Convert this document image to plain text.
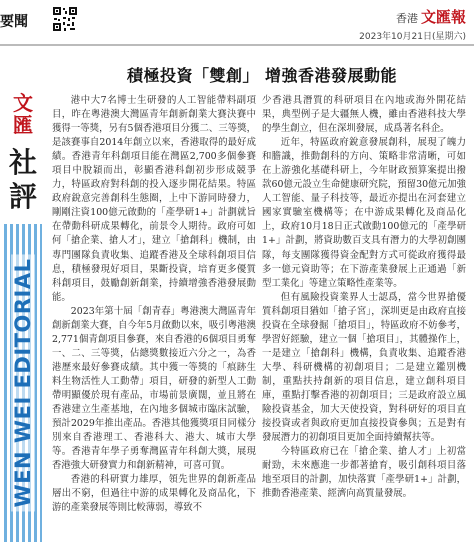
要聞	香港 文匯報
2023年10月21日(星期六)
積極投資「雙創」 增強香港發展動能
文匯
社評
WEN WEI EDITORIAL

港中大7名博士生研發的人工智能帶料副項目，昨在粵港澳大灣區青年創新創業大賽決賽中獲得一等獎，另有5個香港項目分獲二、三等獎，是該賽事自2014年創立以來，香港取得的最好成績。香港青年科創項目能在灣區2,700多個參賽項目中脫穎而出，彰顯香港科創初步形成競爭力，特區政府對科創的投入逐步開花結果。特區政府銳意完善創科生態圈，上中下游同時發力，剛剛注資100億元啟動的「產學研1+」計劃就旨在帶動科研成果轉化，前景令人期待。政府可如何「搶企業、搶人才」，建立「搶創科」機制，由專門團隊負責收集、追蹤香港及全球科創項目信息，積極發現好項目，果斷投資，培育更多優質科創項目，鼓勵創新創業，持續增強香港發展動能。

2023年第十屆「創青春」粵港澳大灣區青年創新創業大賽，自今年5月啟動以來，吸引粵港澳2,771個青創項目參賽，來自香港的6個項目勇奪一、二、三等獎，佔總獎數接近六分之一，為香港歷來最好參賽成績。其中獲一等獎的「痕跡生料生物活性人工動帶」項目，研發的新型人工動帶明顯優於現有產品，市場前景廣闊，並且將在香港建立生產基地，在內地多個城市臨床試驗，預計2029年推出產品。香港其他獲獎項目同樣分別來自香港理工、香港科大、港大、城市大學等。香港青年學子勇奪灣區青年科創大獎，展現香港強大研發實力和創新精神，可喜可賀。

香港的科研實力雄厚，領先世界的創新產品層出不窮，但過往中游的成果轉化及商品化，下游的產業發展等則比較薄弱，導致不

少香港具潛質的科研項目在內地或海外開花結果，典型例子是大疆無人機，雖由香港科技大學的學生創立，但在深圳發展，成爲著名科企。

近年，特區政府銳意發展創科，展現了魄力和膽識，推動創科的方向、策略非常清晰，可如在上游強化基礎科研上，今年財政預算案提出撥款60億元設立生命健康研究院，預留30億元加強人工智能、量子科技等，最近亦提出在河套建立國家實驗室機構等；在中游成果轉化及商品化上，政府10月18日正式啟動100億元的「產學研1+」計劃，將資助數百支具有潛力的大學初創團隊，每支團隊獲得資金配對方式可從政府獲得最多一億元資助等；在下游產業發展上正通過「新型工業化」等建立策略性產業等。

但有風險投資業界人士認爲，當今世界搶優質科創項目猶如「搶子宮」，深圳更是由政府直接投資在全球發掘「搶項目」，特區政府不妨參考，學習好經驗，建立一個「搶項目」，其體操作上，一是建立「搶創科」機構，負責收集、追蹤香港大學、科研機構的初創項目；二是建立鑑別機制，重點扶持創新的項目信息，建立創科項目庫，重點打擊香港的初創項目；三是政府設立風險投資基金，加大天使投資，對科研好的項目直接投資或者與政府更加直接投資參與；五是對有發展潛力的初創項目更加全面持續幫扶等。

今特區政府已在「搶企業、搶人才」上初當耐勁，未來應進一步都著搶育，吸引創科項目落地至項目的計劃，加快落實「產學研1+」計劃，推動香港產業、經濟向高質量發展。
